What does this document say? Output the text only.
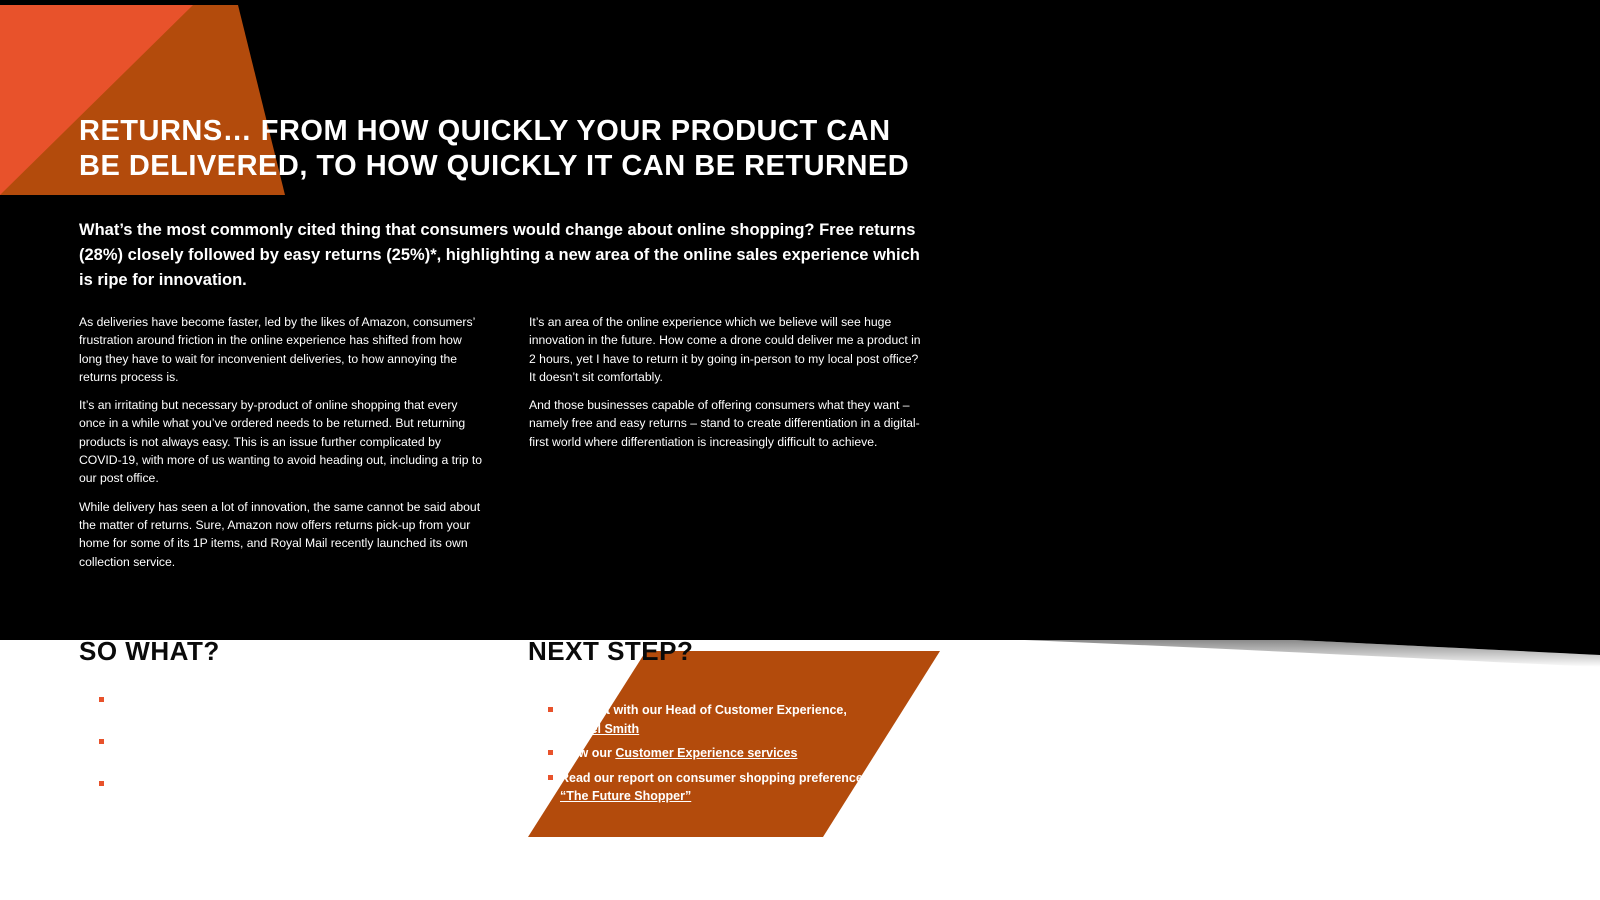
RETURNS… FROM HOW QUICKLY YOUR PRODUCT CAN BE DELIVERED, TO HOW QUICKLY IT CAN BE RETURNED

What’s the most commonly cited thing that consumers would change about online shopping? Free returns (28%) closely followed by easy returns (25%)*, highlighting a new area of the online sales experience which is ripe for innovation.

As deliveries have become faster, led by the likes of Amazon, consumers’ frustration around friction in the online experience has shifted from how long they have to wait for inconvenient deliveries, to how annoying the returns process is.

It’s an irritating but necessary by-product of online shopping that every once in a while what you’ve ordered needs to be returned. But returning products is not always easy. This is an issue further complicated by COVID-19, with more of us wanting to avoid heading out, including a trip to our post office.

While delivery has seen a lot of innovation, the same cannot be said about the matter of returns. Sure, Amazon now offers returns pick-up from your home for some of its 1P items, and Royal Mail recently launched its own collection service.

It’s an area of the online experience which we believe will see huge innovation in the future. How come a drone could deliver me a product in 2 hours, yet I have to return it by going in-person to my local post office? It doesn’t sit comfortably.

And those businesses capable of offering consumers what they want – namely free and easy returns – stand to create differentiation in a digital-first world where differentiation is increasingly difficult to achieve.

SO WHAT?	NEXT STEP?
Connect with our Head of Customer Experience,
Rachel Smith
View our Customer Experience services
Read our report on consumer shopping preferences,
“The Future Shopper”
